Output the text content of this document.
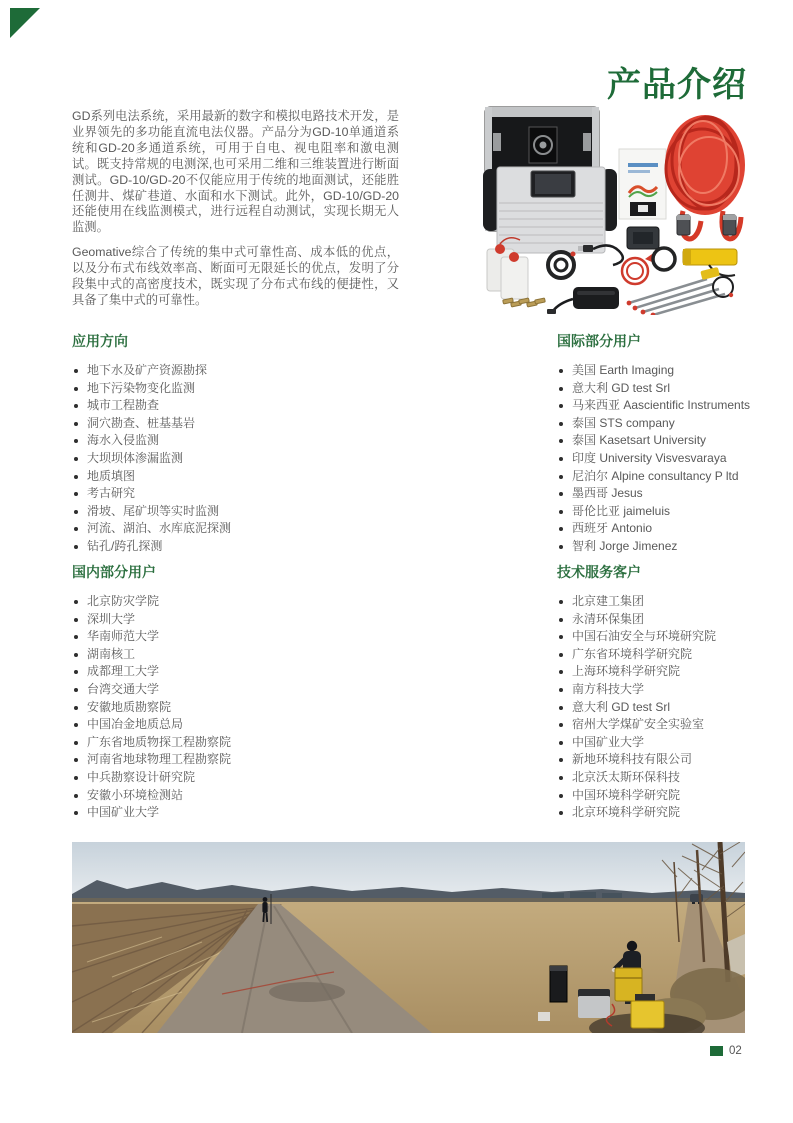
产品介绍

GD系列电法系统，采用最新的数字和模拟电路技术开发，是业界领先的多功能直流电法仪器。产品分为GD-10单通道系统和GD-20多通道系统，可用于自电、视电阻率和激电测试。既支持常规的电测深,也可采用二维和三维装置进行断面测试。GD-10/GD-20不仅能应用于传统的地面测试，还能胜任测井、煤矿巷道、水面和水下测试。此外，GD-10/GD-20还能使用在线监测模式，进行远程自动测试，实现长期无人监测。

Geomative综合了传统的集中式可靠性高、成本低的优点，以及分布式布线效率高、断面可无限延长的优点，发明了分段集中式的高密度技术，既实现了分布式布线的便捷性，又具备了集中式的可靠性。

应用方向
地下水及矿产资源勘探
地下污染物变化监测
城市工程勘查
洞穴勘查、桩基基岩
海水入侵监测
大坝坝体渗漏监测
地质填图
考古研究
滑坡、尾矿坝等实时监测
河流、湖泊、水库底泥探测
钻孔/跨孔探测
国际部分用户
美国 Earth Imaging
意大利 GD test Srl
马来西亚 Aascientific Instruments
泰国 STS company
泰国 Kasetsart University
印度 University Visvesvaraya
尼泊尔 Alpine consultancy P ltd
墨西哥 Jesus
哥伦比亚 jaimeluis
西班牙 Antonio
智利 Jorge Jimenez
国内部分用户
北京防灾学院
深圳大学
华南师范大学
湖南核工
成都理工大学
台湾交通大学
安徽地质勘察院
中国冶金地质总局
广东省地质物探工程勘察院
河南省地球物理工程勘察院
中兵勘察设计研究院
安徽小环境检测站
中国矿业大学
技术服务客户
北京建工集团
永清环保集团
中国石油安全与环境研究院
广东省环境科学研究院
上海环境科学研究院
南方科技大学
意大利 GD test Srl
宿州大学煤矿安全实验室
中国矿业大学
新地环境科技有限公司
北京沃太斯环保科技
中国环境科学研究院
北京环境科学研究院
02
